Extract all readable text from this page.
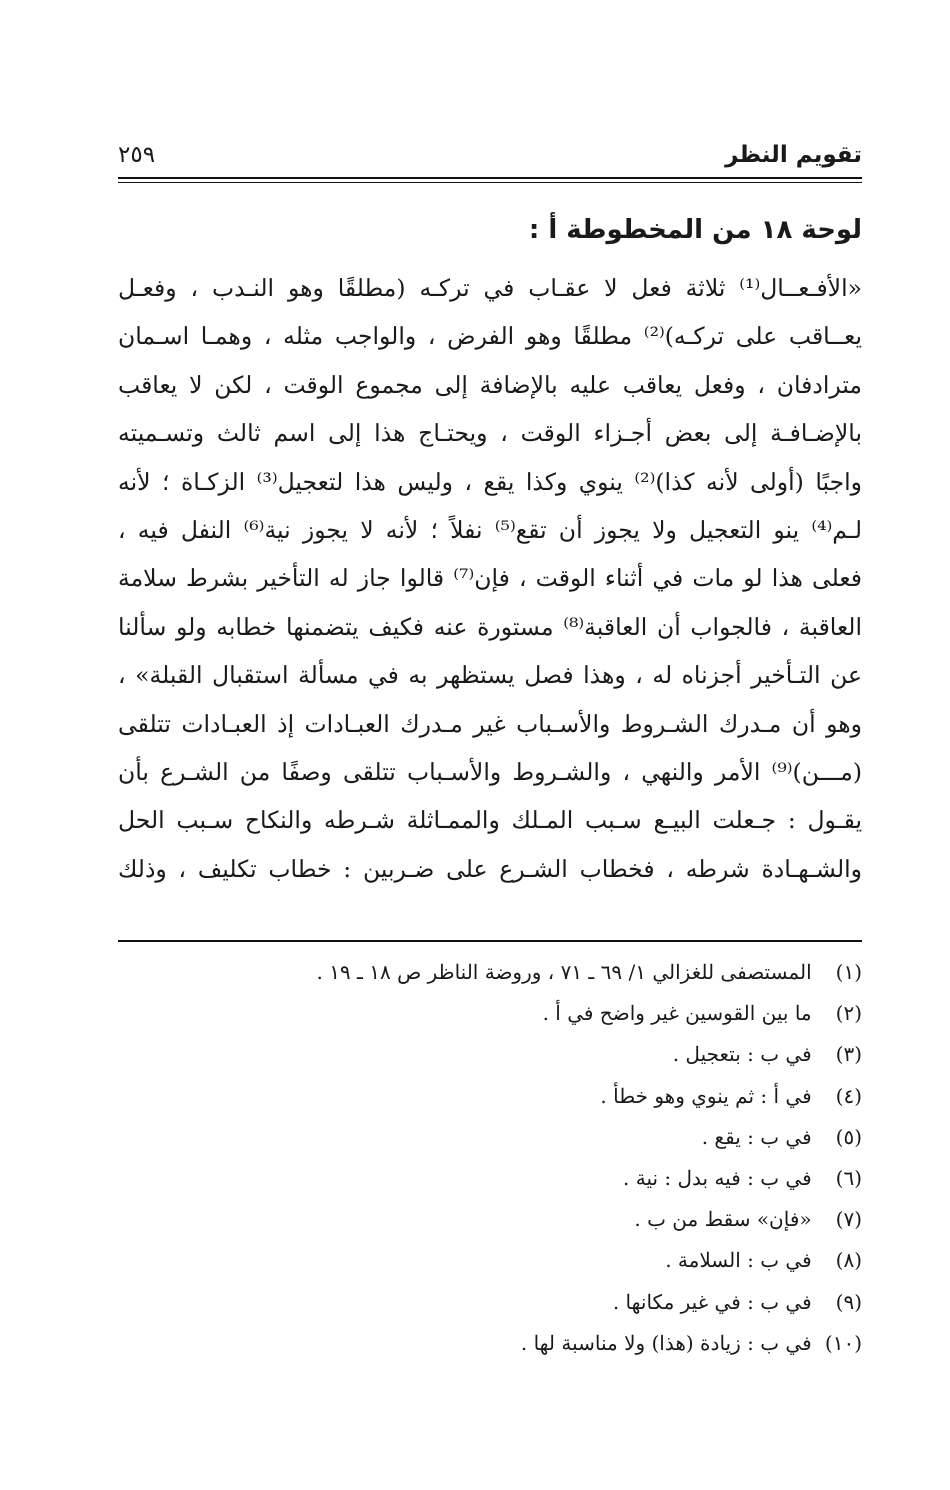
تقويم النظر
٢٥٩
لوحة ١٨ من المخطوطة أ :
«الأفـعــال⁽¹⁾ ثلاثة فعل لا عقـاب في تركـه (مطلقًا وهو النـدب ، وفعـل
يعــاقب على تركـه)⁽²⁾ مطلقًا وهو الفرض ، والواجب مثله ، وهمـا اسـمان
مترادفان ، وفعل يعاقب عليه بالإضافة إلى مجموع الوقت ، لكن لا يعاقب
بالإضـافـة إلى بعض أجـزاء الوقت ، ويحتـاج هذا إلى اسم ثالث وتسـميته
واجبًا (أولى لأنه كذا)⁽²⁾ ينوي وكذا يقع ، وليس هذا لتعجيل⁽³⁾ الزكـاة ؛ لأنه
لـم⁽⁴⁾ ينو التعجيل ولا يجوز أن تقع⁽⁵⁾ نفلاً ؛ لأنه لا يجوز نية⁽⁶⁾ النفل فيه ،
فعلى هذا لو مات في أثناء الوقت ، فإن⁽⁷⁾ قالوا جاز له التأخير بشرط سلامة
العاقبة ، فالجواب أن العاقبة⁽⁸⁾ مستورة عنه فكيف يتضمنها خطابه ولو سألنا
عن التـأخير أجزناه له ، وهذا فصل يستظهر به في مسألة استقبال القبلة» ،
وهو أن مـدرك الشـروط والأسـباب غير مـدرك العبـادات إذ العبـادات تتلقى
(مـــن)⁽⁹⁾ الأمر والنهي ، والشـروط والأسـباب تتلقى وصفًا من الشـرع بأن
يقـول : جـعلت البيـع سـبب المـلك والممـاثلة شـرطه والنكاح سـبب الحل
والشـهـادة شرطه ، فخطاب الشـرع على ضـربين : خطاب تكليف ، وذلك
(١) المستصفى للغزالي ١/ ٦٩ ـ ٧١ ، وروضة الناظر ص ١٨ ـ ١٩ .
(٢) ما بين القوسين غير واضح في أ .
(٣) في ب : بتعجيل .
(٤) في أ : ثم ينوي وهو خطأ .
(٥) في ب : يقع .
(٦) في ب : فيه بدل : نية .
(٧) «فإن» سقط من ب .
(٨) في ب : السلامة .
(٩) في ب : في غير مكانها .
(١٠) في ب : زيادة (هذا) ولا مناسبة لها .
